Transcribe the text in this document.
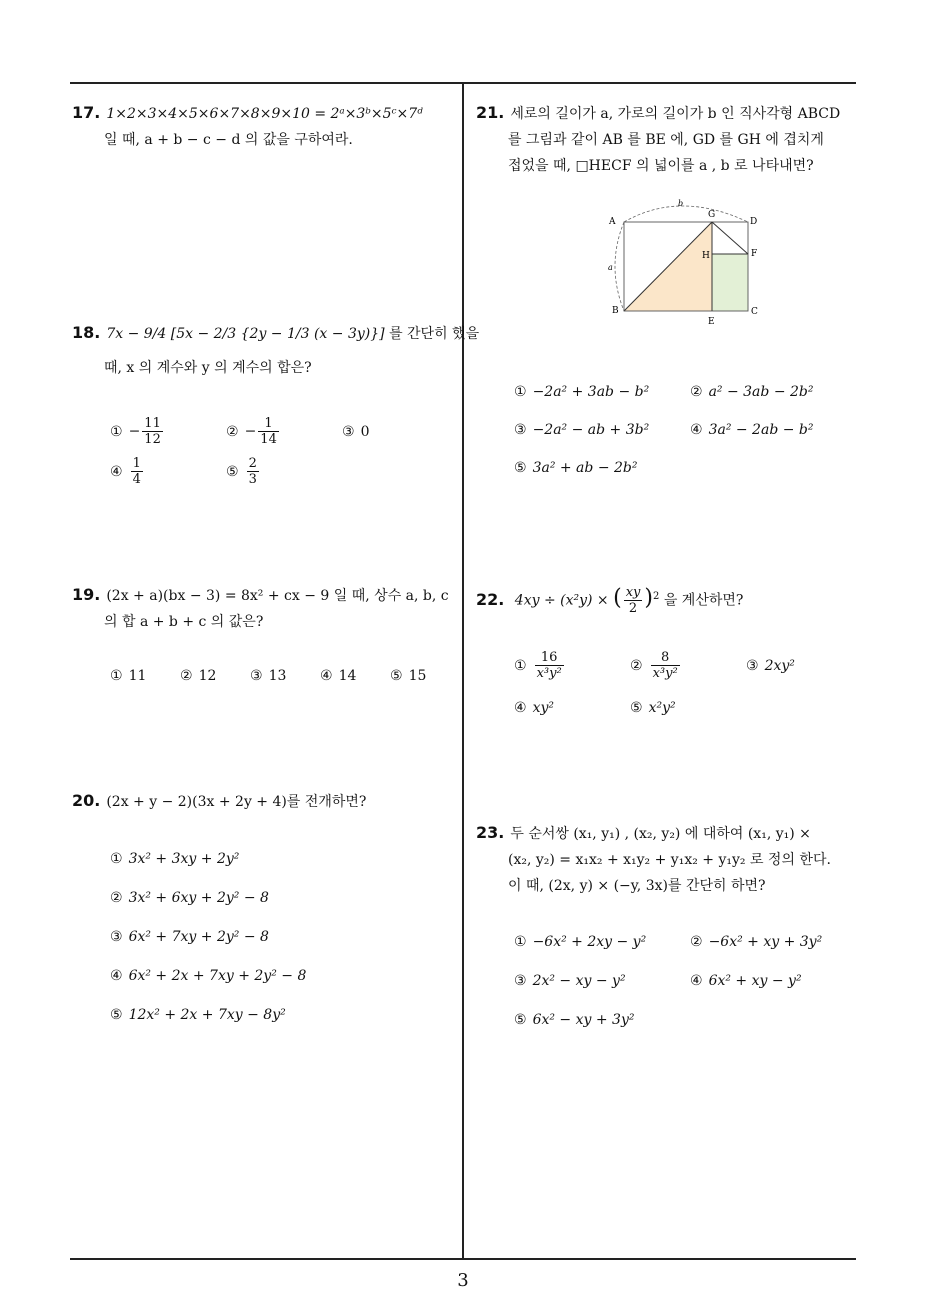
17. 1×2×3×4×5×6×7×8×9×10 = 2ᵃ×3ᵇ×5ᶜ×7ᵈ
일 때, a + b − c − d 의 값을 구하여라.
18. 7x − 9/4 [5x − 2/3 {2y − 1/3 (x − 3y)}] 를 간단히 했을
때, x 의 계수와 y 의 계수의 합은?
① − $\frac{11}{12}$	② − $\frac{1}{14}$	③ 0
④ $\frac{1}{4}$	⑤ $\frac{2}{3}$
19. (2x + a)(bx − 3) = 8x² + cx − 9 일 때, 상수 a, b, c
의 합 a + b + c 의 값은?
① 11 ② 12 ③ 13 ④ 14 ⑤ 15
20. (2x + y − 2)(3x + 2y + 4)를 전개하면?
① 3x² + 3xy + 2y²
② 3x² + 6xy + 2y² − 8
③ 6x² + 7xy + 2y² − 8
④ 6x² + 2x + 7xy + 2y² − 8
⑤ 12x² + 2x + 7xy − 8y²
21. 세로의 길이가 a, 가로의 길이가 b 인 직사각형 ABCD
를 그림과 같이 AB 를 BE 에, GD 를 GH 에 겹치게
접었을 때, □HECF 의 넓이를 a , b 로 나타내면?
A
B	C
D
E
F
G
H
a
b
① −2a² + 3ab − b²	② a² − 3ab − 2b²
③ −2a² − ab + 3b²	④ 3a² − 2ab − b²
⑤ 3a² + ab − 2b²
22. 4xy ÷ (x²y) × ( $\frac{xy}{2} )^2$ 을 계산하면?
① $\frac{16}{\text{x³y²}}$	② $\frac{8}{\text{x³y²}}$	③ 2xy²
④ xy²	⑤ x²y²
23. 두 순서쌍 (x₁, y₁) , (x₂, y₂) 에 대하여 (x₁, y₁) ×
(x₂, y₂) = x₁x₂ + x₁y₂ + y₁x₂ + y₁y₂ 로 정의 한다.
이 때, (2x, y) × (−y, 3x)를 간단히 하면?
① −6x² + 2xy − y²	② −6x² + xy + 3y²
③ 2x² − xy − y²	④ 6x² + xy − y²
⑤ 6x² − xy + 3y²
3
